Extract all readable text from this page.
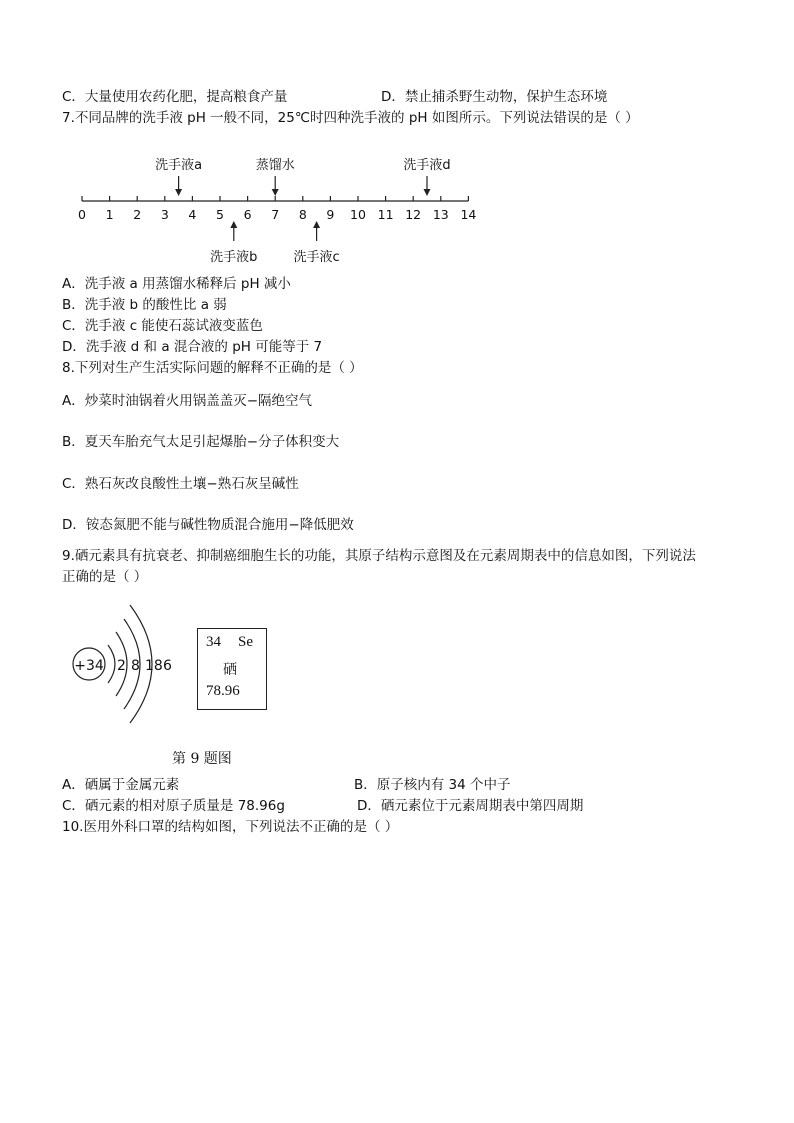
C．大量使用农药化肥，提高粮食产量	D．禁止捕杀野生动物，保护生态环境
7.不同品牌的洗手液 pH 一般不同，25℃时四种洗手液的 pH 如图所示。下列说法错误的是（ ）
0 1 2 3 4 5 6 7 8 9 10 11 12 13 14
洗手液a	蒸馏水	洗手液d
洗手液b	洗手液c
A．洗手液 a 用蒸馏水稀释后 pH 减小
B．洗手液 b 的酸性比 a 弱
C．洗手液 c 能使石蕊试液变蓝色
D．洗手液 d 和 a 混合液的 pH 可能等于 7
8.下列对生产生活实际问题的解释不正确的是（ ）
A．炒菜时油锅着火用锅盖盖灭−隔绝空气
B．夏天车胎充气太足引起爆胎−分子体积变大
C．熟石灰改良酸性土壤−熟石灰呈碱性
D．铵态氮肥不能与碱性物质混合施用−降低肥效
9.硒元素具有抗衰老、抑制癌细胞生长的功能，其原子结构示意图及在元素周期表中的信息如图，下列说法
正确的是（ ）
+34 2 8 18 6
34 Se
硒
78.96
第 9 题图
A．硒属于金属元素	B．原子核内有 34 个中子
C．硒元素的相对原子质量是 78.96g	D．硒元素位于元素周期表中第四周期
10.医用外科口罩的结构如图，下列说法不正确的是（ ）
